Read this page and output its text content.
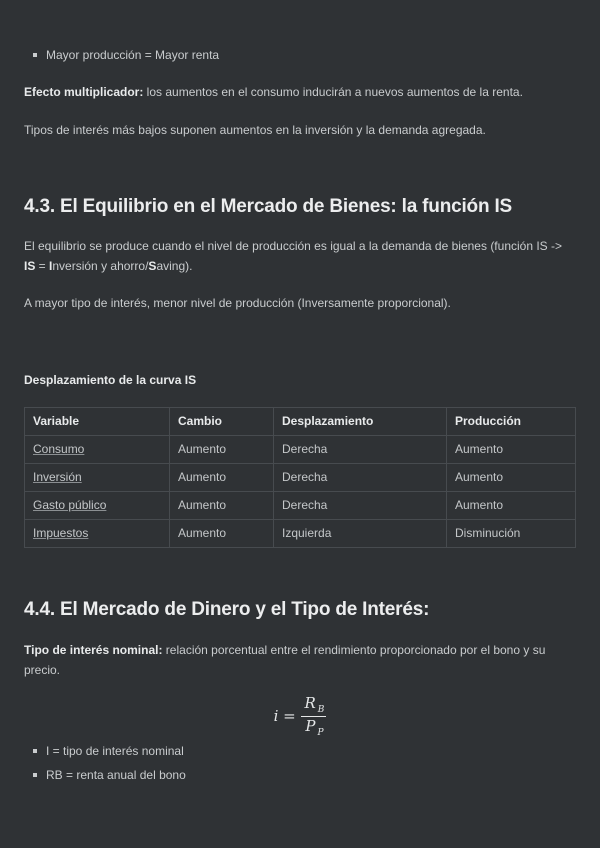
Mayor producción = Mayor renta

Efecto multiplicador: los aumentos en el consumo inducirán a nuevos aumentos de la renta.

Tipos de interés más bajos suponen aumentos en la inversión y la demanda agregada.

4.3. El Equilibrio en el Mercado de Bienes: la función IS

El equilibrio se produce cuando el nivel de producción es igual a la demanda de bienes (función IS ->
IS = Inversión y ahorro/Saving).

A mayor tipo de interés, menor nivel de producción (Inversamente proporcional).

Desplazamiento de la curva IS
Variable	Cambio	Desplazamiento	Producción
Consumo	Aumento	Derecha	Aumento
Inversión	Aumento	Derecha	Aumento
Gasto público	Aumento	Derecha	Aumento
Impuestos	Aumento	Izquierda	Disminución
4.4. El Mercado de Dinero y el Tipo de Interés:

Tipo de interés nominal: relación porcentual entre el rendimiento proporcionado por el bono y su
precio.

$i = \frac{R _B}{P _P}$
I = tipo de interés nominal
RB = renta anual del bono
